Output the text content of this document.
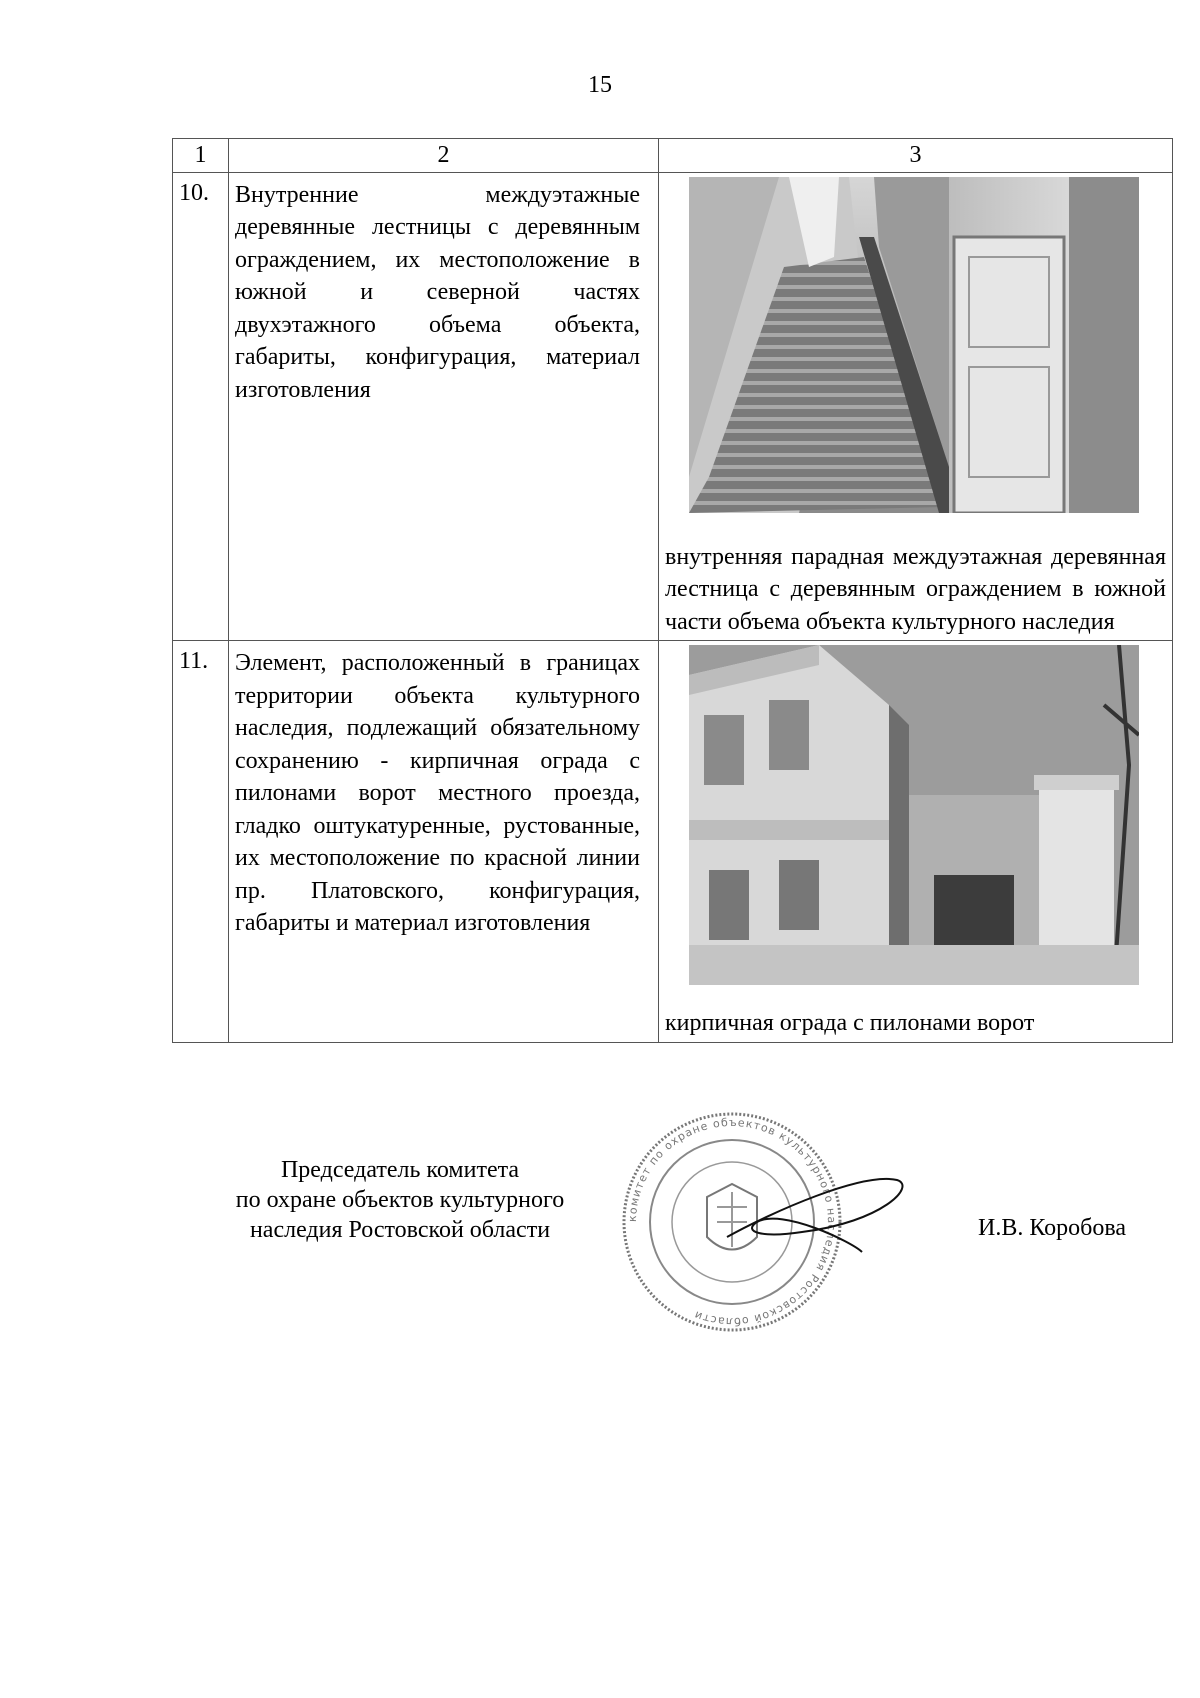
15
1	2	3
10.	Внутренние междуэтажные деревянные лестницы с деревянным ограждением, их местоположение в южной и северной частях двухэтажного объема объекта, габариты, конфигурация, материал изготовления	внутренняя парадная междуэтажная деревянная лестница с деревянным ограждением в южной части объема объекта культурного наследия

11.	Элемент, расположенный в границах территории объекта культурного наследия, подлежащий обязательному сохранению - кирпичная ограда с пилонами ворот местного проезда, гладко оштукатуренные, рустованные, их местоположение по красной линии пр. Платовского, конфигурация, габариты и материал изготовления	кирпичная ограда с пилонами ворот
Председатель комитета
по охране объектов культурного
наследия Ростовской области	комитет по охране объектов культурного наследия Ростовской области
И.В. Коробова
